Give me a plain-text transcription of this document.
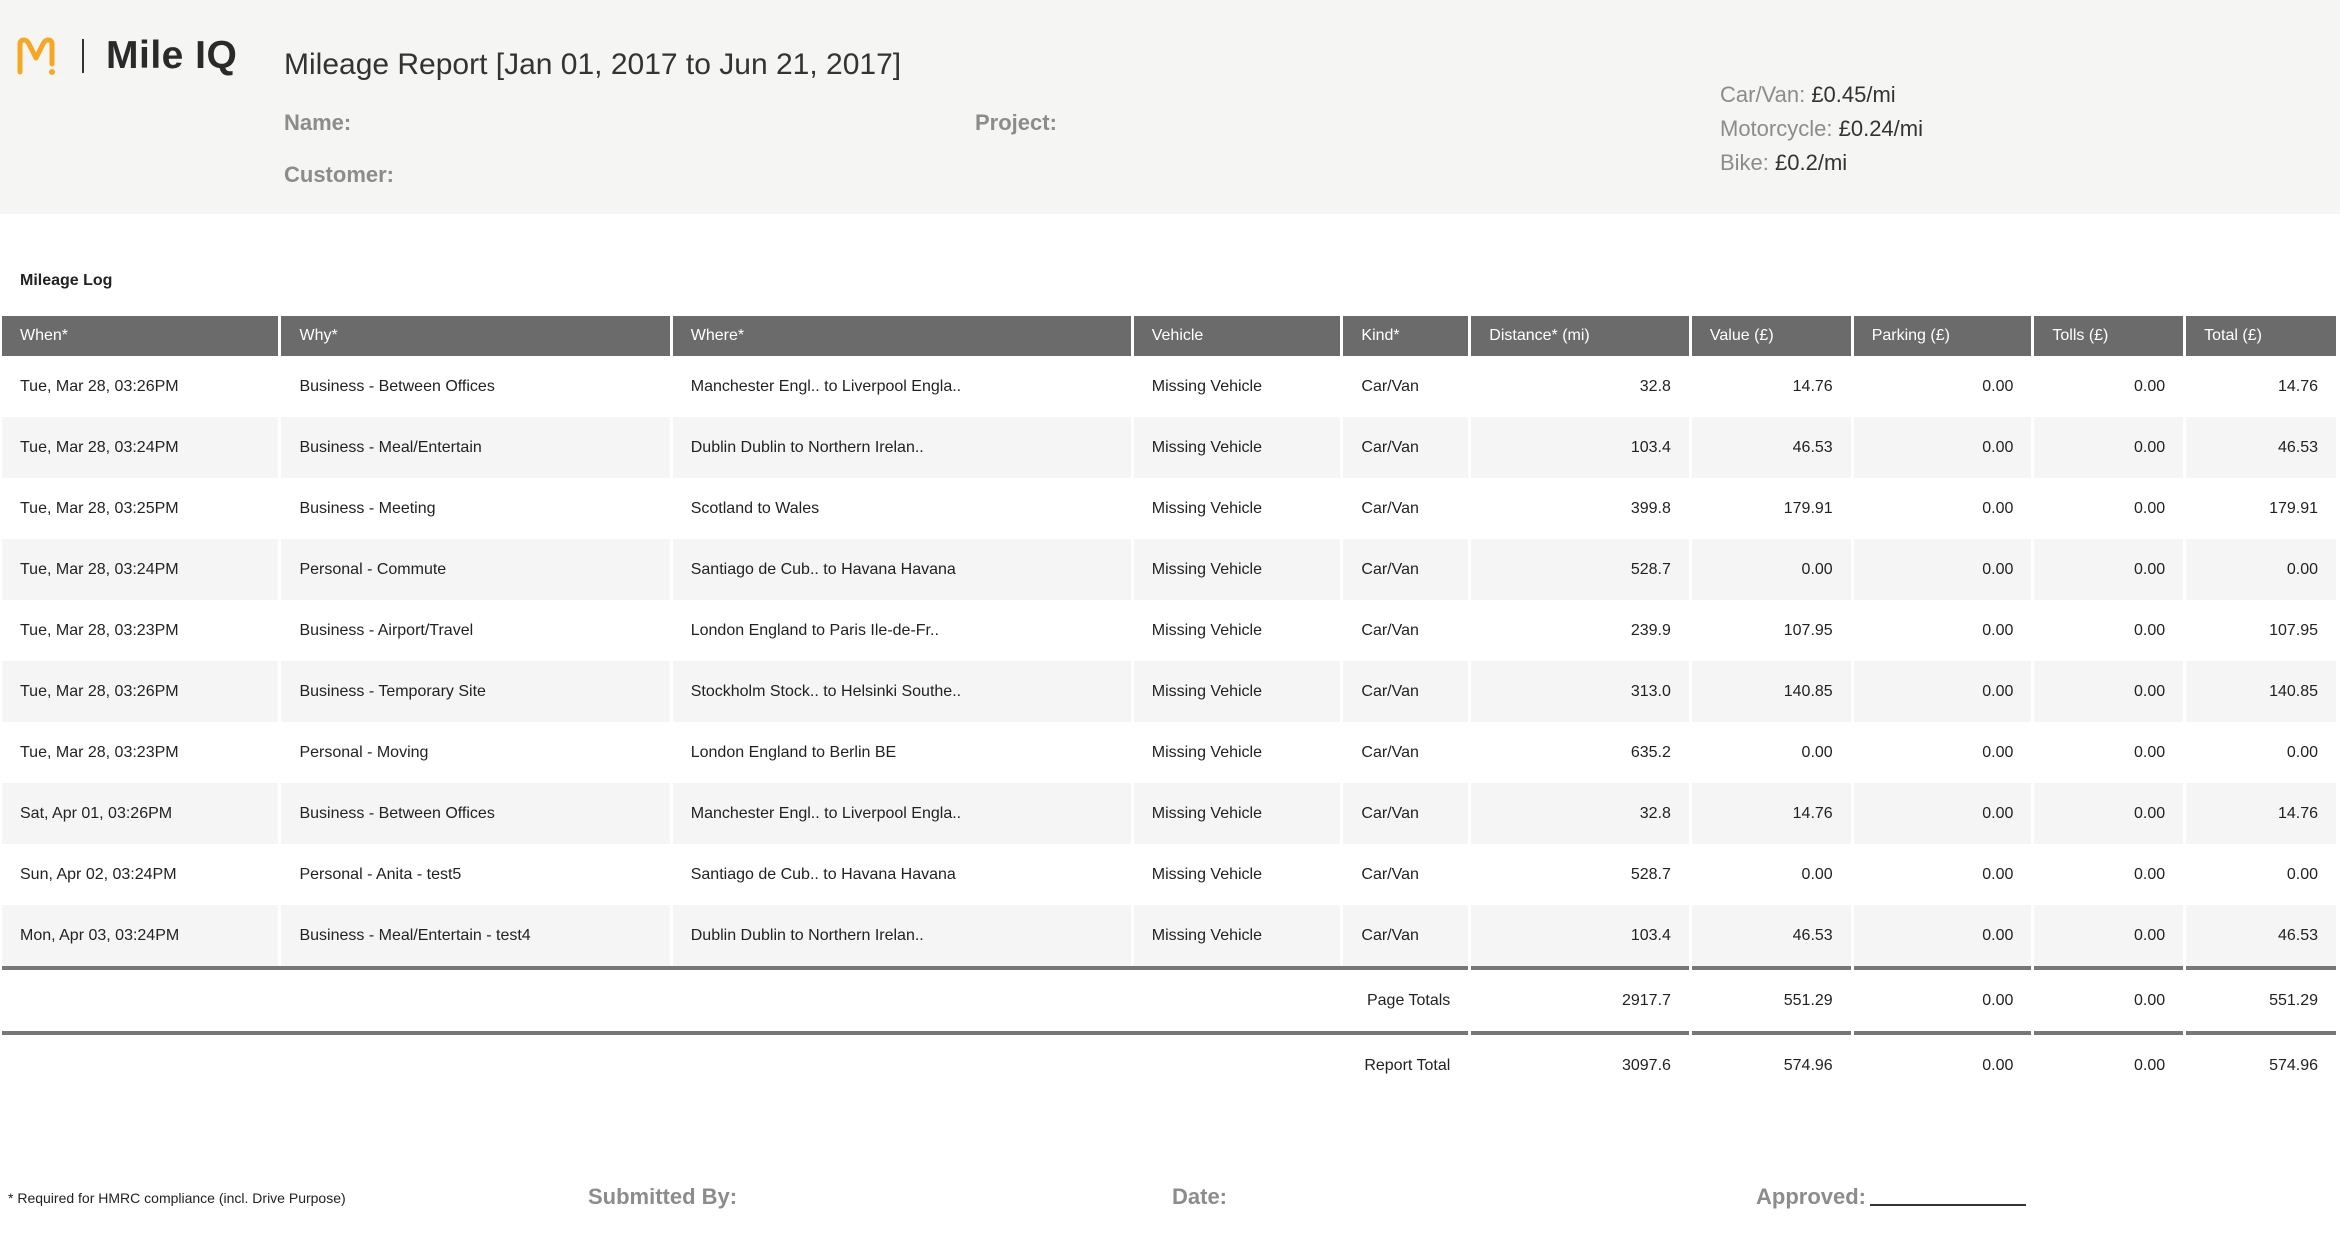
Mile IQ Mileage Report [Jan 01, 2017 to Jun 21, 2017]
Name:	Project:
Customer:
Car/Van: £0.45/mi
Motorcycle: £0.24/mi
Bike: £0.2/mi
Mileage Log
When*	Why*	Where*	Vehicle	Kind*	Distance* (mi)	Value (£)	Parking (£)	Tolls (£)	Total (£)
Tue, Mar 28, 03:26PM	Business - Between Offices	Manchester Engl.. to Liverpool Engla..	Missing Vehicle	Car/Van	32.8	14.76	0.00	0.00	14.76
Tue, Mar 28, 03:24PM	Business - Meal/Entertain	Dublin Dublin to Northern Irelan..	Missing Vehicle	Car/Van	103.4	46.53	0.00	0.00	46.53
Tue, Mar 28, 03:25PM	Business - Meeting	Scotland to Wales	Missing Vehicle	Car/Van	399.8	179.91	0.00	0.00	179.91
Tue, Mar 28, 03:24PM	Personal - Commute	Santiago de Cub.. to Havana Havana	Missing Vehicle	Car/Van	528.7	0.00	0.00	0.00	0.00
Tue, Mar 28, 03:23PM	Business - Airport/Travel	London England to Paris Ile-de-Fr..	Missing Vehicle	Car/Van	239.9	107.95	0.00	0.00	107.95
Tue, Mar 28, 03:26PM	Business - Temporary Site	Stockholm Stock.. to Helsinki Southe..	Missing Vehicle	Car/Van	313.0	140.85	0.00	0.00	140.85
Tue, Mar 28, 03:23PM	Personal - Moving	London England to Berlin BE	Missing Vehicle	Car/Van	635.2	0.00	0.00	0.00	0.00
Sat, Apr 01, 03:26PM	Business - Between Offices	Manchester Engl.. to Liverpool Engla..	Missing Vehicle	Car/Van	32.8	14.76	0.00	0.00	14.76
Sun, Apr 02, 03:24PM	Personal - Anita - test5	Santiago de Cub.. to Havana Havana	Missing Vehicle	Car/Van	528.7	0.00	0.00	0.00	0.00
Mon, Apr 03, 03:24PM	Business - Meal/Entertain - test4	Dublin Dublin to Northern Irelan..	Missing Vehicle	Car/Van	103.4	46.53	0.00	0.00	46.53
Page Totals					2917.7	551.29	0.00	0.00	551.29
Report Total					3097.6	574.96	0.00	0.00	574.96
* Required for HMRC compliance (incl. Drive Purpose)	Submitted By:	Date:	Approved:
